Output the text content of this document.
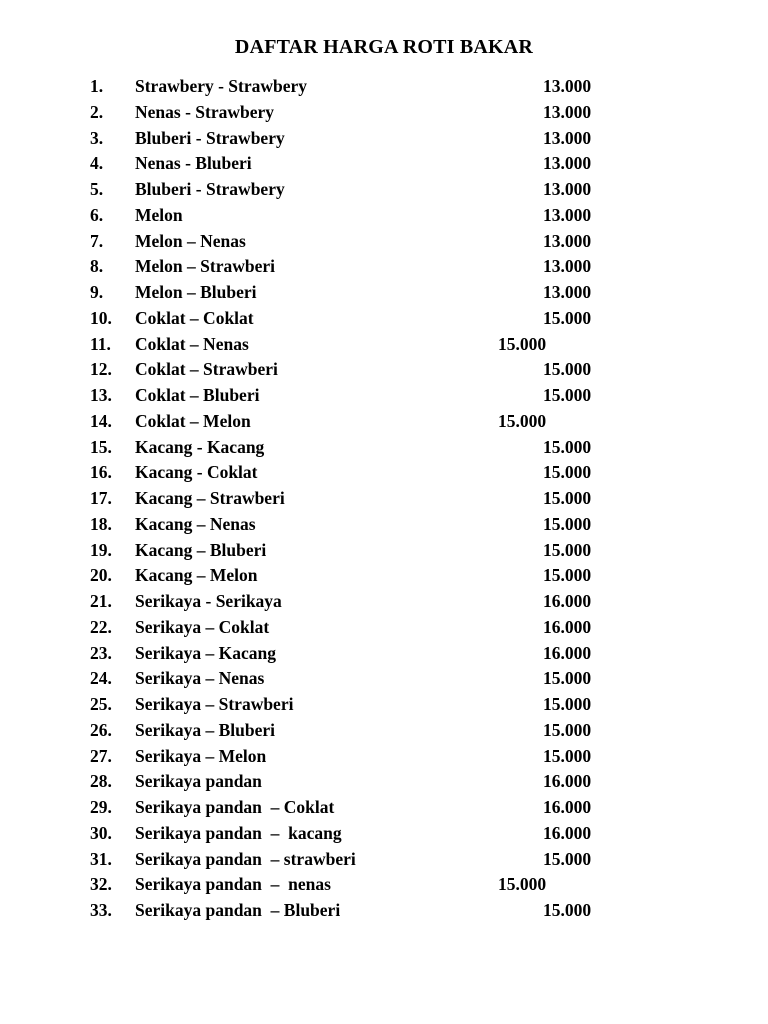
DAFTAR HARGA ROTI BAKAR
1. Strawbery - Strawbery	13.000
2. Nenas - Strawbery	13.000
3. Bluberi - Strawbery	13.000
4. Nenas - Bluberi	13.000
5. Bluberi - Strawbery	13.000
6. Melon	13.000
7. Melon – Nenas	13.000
8. Melon – Strawberi	13.000
9. Melon – Bluberi	13.000
10. Coklat – Coklat	15.000
11. Coklat – Nenas	15.000
12. Coklat – Strawberi	15.000
13. Coklat – Bluberi	15.000
14. Coklat – Melon	15.000
15. Kacang - Kacang	15.000
16. Kacang - Coklat	15.000
17. Kacang – Strawberi	15.000
18. Kacang – Nenas	15.000
19. Kacang – Bluberi	15.000
20. Kacang – Melon	15.000
21. Serikaya - Serikaya	16.000
22. Serikaya – Coklat	16.000
23. Serikaya – Kacang	16.000
24. Serikaya – Nenas	15.000
25. Serikaya – Strawberi	15.000
26. Serikaya – Bluberi	15.000
27. Serikaya – Melon	15.000
28. Serikaya pandan	16.000
29. Serikaya pandan  – Coklat	16.000
30. Serikaya pandan  –  kacang	16.000
31. Serikaya pandan  – strawberi	15.000
32. Serikaya pandan  –  nenas	15.000
33. Serikaya pandan  – Bluberi	15.000
